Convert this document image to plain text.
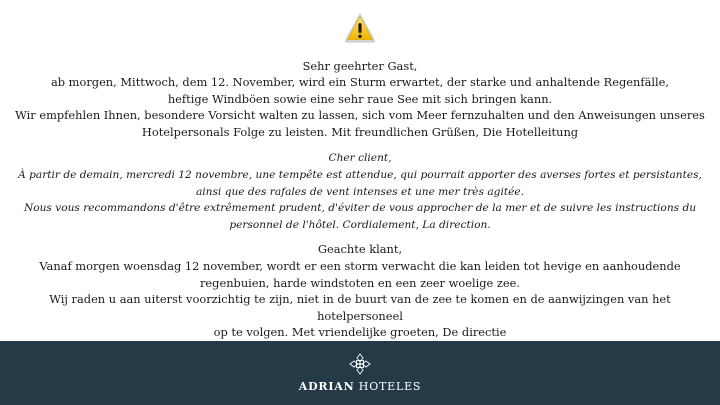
Sehr geehrter Gast,

ab morgen, Mittwoch, dem 12. November, wird ein Sturm erwartet, der starke und anhaltende Regenfälle,

heftige Windböen sowie eine sehr raue See mit sich bringen kann.

Wir empfehlen Ihnen, besondere Vorsicht walten zu lassen, sich vom Meer fernzuhalten und den Anweisungen unseres

Hotelpersonals Folge zu leisten. Mit freundlichen Grüßen, Die Hotelleitung

Cher client,

À partir de demain, mercredi 12 novembre, une tempête est attendue, qui pourrait apporter des averses fortes et persistantes,

ainsi que des rafales de vent intenses et une mer très agitée.

Nous vous recommandons d'être extrêmement prudent, d'éviter de vous approcher de la mer et de suivre les instructions du

personnel de l'hôtel. Cordialement, La direction.

Geachte klant,

Vanaf morgen woensdag 12 november, wordt er een storm verwacht die kan leiden tot hevige en aanhoudende

regenbuien, harde windstoten en een zeer woelige zee.

Wij raden u aan uiterst voorzichtig te zijn, niet in de buurt van de zee te komen en de aanwijzingen van het hotelpersoneel

op te volgen. Met vriendelijke groeten, De directie

ADRIAN HOTELES
